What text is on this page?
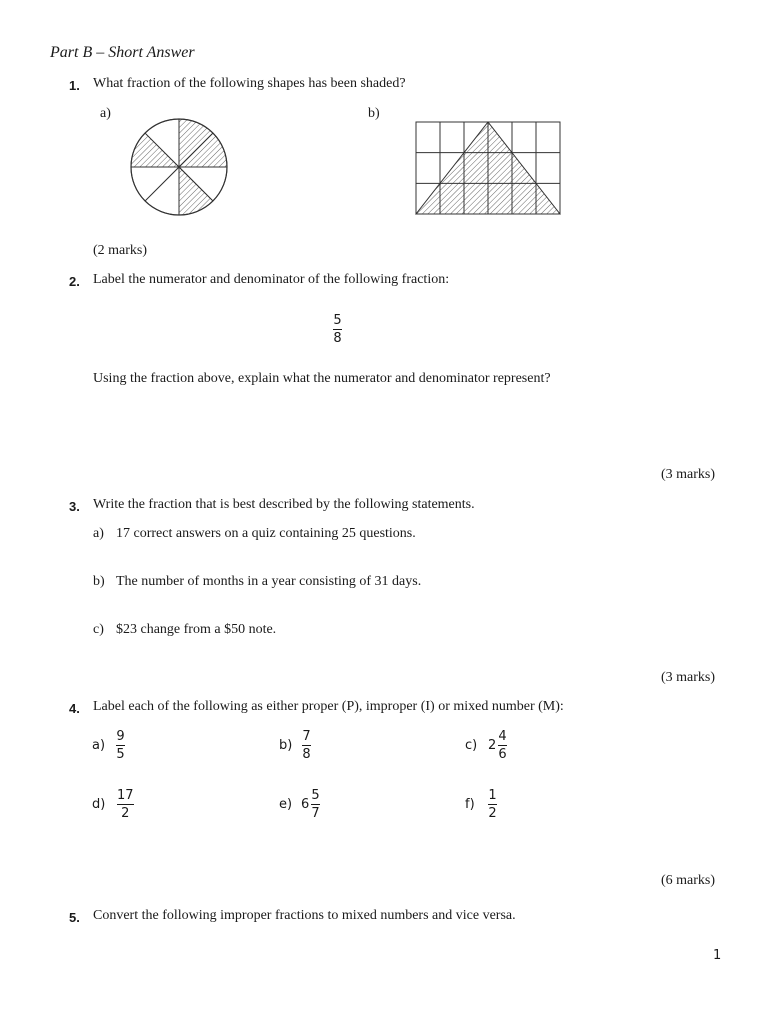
Part B – Short Answer
1. What fraction of the following shapes has been shaded?
a)	b)
(2 marks)
2. Label the numerator and denominator of the following fraction:
5
8
Using the fraction above, explain what the numerator and denominator represent?
(3 marks)
3. Write the fraction that is best described by the following statements.
a) 17 correct answers on a quiz containing 25 questions.
b) The number of months in a year consisting of 31 days.
c) $23 change from a $50 note.
(3 marks)
4. Label each of the following as either proper (P), improper (I) or mixed number (M):
a)
9
5
b)
7
8
c) 2
4
6
d)
17
2
e) 6
5
7
f)
1
2
(6 marks)
5. Convert the following improper fractions to mixed numbers and vice versa.
1
